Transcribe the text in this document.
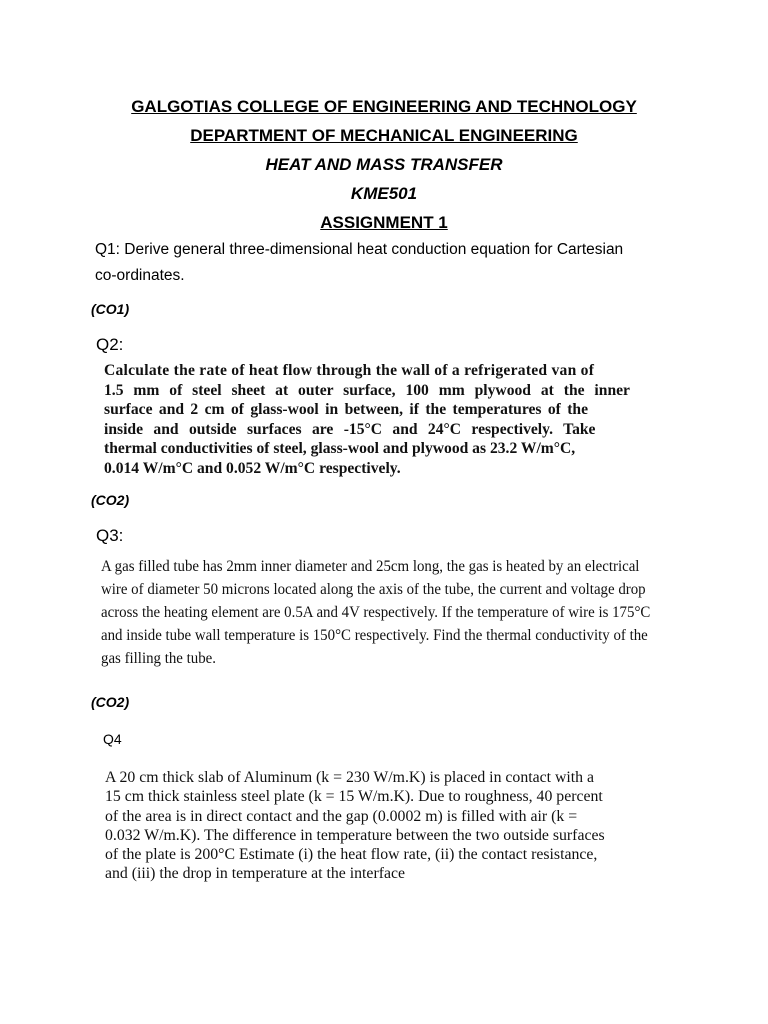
GALGOTIAS COLLEGE OF ENGINEERING AND TECHNOLOGY
DEPARTMENT OF MECHANICAL ENGINEERING
HEAT AND MASS TRANSFER
KME501
ASSIGNMENT 1
Q1: Derive general three-dimensional heat conduction equation for Cartesian
co-ordinates.
(CO1)
Q2:
Calculate the rate of heat flow through the wall of a refrigerated van of
1.5 mm of steel sheet at outer surface, 100 mm plywood at the inner
surface and 2 cm of glass-wool in between, if the temperatures of the
inside and outside surfaces are -15°C and 24°C respectively. Take
thermal conductivities of steel, glass-wool and plywood as 23.2 W/m°C,
0.014 W/m°C and 0.052 W/m°C respectively.
(CO2)
Q3:
A gas filled tube has 2mm inner diameter and 25cm long, the gas is heated by an electrical
wire of diameter 50 microns located along the axis of the tube, the current and voltage drop
across the heating element are 0.5A and 4V respectively. If the temperature of wire is 175°C
and inside tube wall temperature is 150°C respectively. Find the thermal conductivity of the
gas filling the tube.
(CO2)
Q4
A 20 cm thick slab of Aluminum (k = 230 W/m.K) is placed in contact with a
15 cm thick stainless steel plate (k = 15 W/m.K). Due to roughness, 40 percent
of the area is in direct contact and the gap (0.0002 m) is filled with air (k =
0.032 W/m.K). The difference in temperature between the two outside surfaces
of the plate is 200°C Estimate (i) the heat flow rate, (ii) the contact resistance,
and (iii) the drop in temperature at the interface
